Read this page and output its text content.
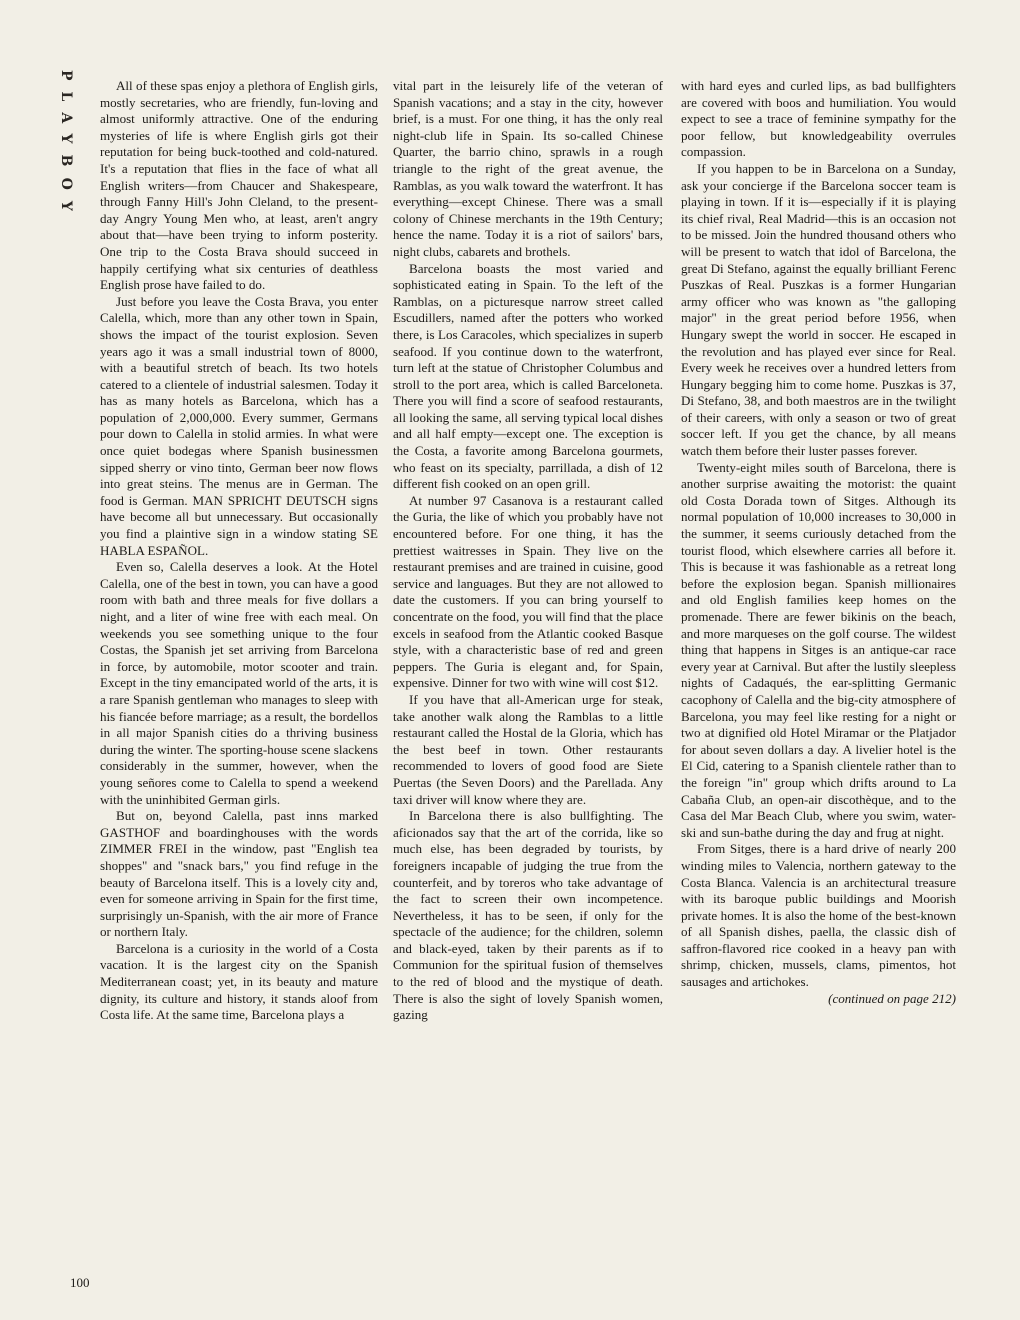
PLAYBOY	All of these spas enjoy a plethora of English girls, mostly secretaries, who are friendly, fun-loving and almost uniformly attractive. One of the enduring mysteries of life is where English girls got their reputation for being buck-toothed and cold-natured. It's a reputation that flies in the face of what all English writers—from Chaucer and Shakespeare, through Fanny Hill's John Cleland, to the present-day Angry Young Men who, at least, aren't angry about that—have been trying to inform posterity. One trip to the Costa Brava should succeed in happily certifying what six centuries of deathless English prose have failed to do.

Just before you leave the Costa Brava, you enter Calella, which, more than any other town in Spain, shows the impact of the tourist explosion. Seven years ago it was a small industrial town of 8000, with a beautiful stretch of beach. Its two hotels catered to a clientele of industrial salesmen. Today it has as many hotels as Barcelona, which has a population of 2,000,000. Every summer, Germans pour down to Calella in stolid armies. In what were once quiet bodegas where Spanish businessmen sipped sherry or vino tinto, German beer now flows into great steins. The menus are in German. The food is German. MAN SPRICHT DEUTSCH signs have become all but unnecessary. But occasionally you find a plaintive sign in a window stating SE HABLA ESPAÑOL.

Even so, Calella deserves a look. At the Hotel Calella, one of the best in town, you can have a good room with bath and three meals for five dollars a night, and a liter of wine free with each meal. On weekends you see something unique to the four Costas, the Spanish jet set arriving from Barcelona in force, by automobile, motor scooter and train. Except in the tiny emancipated world of the arts, it is a rare Spanish gentleman who manages to sleep with his fiancée before marriage; as a result, the bordellos in all major Spanish cities do a thriving business during the winter. The sporting-house scene slackens considerably in the summer, however, when the young señores come to Calella to spend a weekend with the uninhibited German girls.

But on, beyond Calella, past inns marked GASTHOF and boardinghouses with the words ZIMMER FREI in the window, past "English tea shoppes" and "snack bars," you find refuge in the beauty of Barcelona itself. This is a lovely city and, even for someone arriving in Spain for the first time, surprisingly un-Spanish, with the air more of France or northern Italy.

Barcelona is a curiosity in the world of a Costa vacation. It is the largest city on the Spanish Mediterranean coast; yet, in its beauty and mature dignity, its culture and history, it stands aloof from Costa life. At the same time, Barcelona plays a

vital part in the leisurely life of the veteran of Spanish vacations; and a stay in the city, however brief, is a must. For one thing, it has the only real night-club life in Spain. Its so-called Chinese Quarter, the barrio chino, sprawls in a rough triangle to the right of the great avenue, the Ramblas, as you walk toward the waterfront. It has everything—except Chinese. There was a small colony of Chinese merchants in the 19th Century; hence the name. Today it is a riot of sailors' bars, night clubs, cabarets and brothels.

Barcelona boasts the most varied and sophisticated eating in Spain. To the left of the Ramblas, on a picturesque narrow street called Escudillers, named after the potters who worked there, is Los Caracoles, which specializes in superb seafood. If you continue down to the waterfront, turn left at the statue of Christopher Columbus and stroll to the port area, which is called Barceloneta. There you will find a score of seafood restaurants, all looking the same, all serving typical local dishes and all half empty—except one. The exception is the Costa, a favorite among Barcelona gourmets, who feast on its specialty, parrillada, a dish of 12 different fish cooked on an open grill.

At number 97 Casanova is a restaurant called the Guria, the like of which you probably have not encountered before. For one thing, it has the prettiest waitresses in Spain. They live on the restaurant premises and are trained in cuisine, good service and languages. But they are not allowed to date the customers. If you can bring yourself to concentrate on the food, you will find that the place excels in seafood from the Atlantic cooked Basque style, with a characteristic base of red and green peppers. The Guria is elegant and, for Spain, expensive. Dinner for two with wine will cost $12.

If you have that all-American urge for steak, take another walk along the Ramblas to a little restaurant called the Hostal de la Gloria, which has the best beef in town. Other restaurants recommended to lovers of good food are Siete Puertas (the Seven Doors) and the Parellada. Any taxi driver will know where they are.

In Barcelona there is also bullfighting. The aficionados say that the art of the corrida, like so much else, has been degraded by tourists, by foreigners incapable of judging the true from the counterfeit, and by toreros who take advantage of the fact to screen their own incompetence. Nevertheless, it has to be seen, if only for the spectacle of the audience; for the children, solemn and black-eyed, taken by their parents as if to Communion for the spiritual fusion of themselves to the red of blood and the mystique of death. There is also the sight of lovely Spanish women, gazing

with hard eyes and curled lips, as bad bullfighters are covered with boos and humiliation. You would expect to see a trace of feminine sympathy for the poor fellow, but knowledgeability overrules compassion.

If you happen to be in Barcelona on a Sunday, ask your concierge if the Barcelona soccer team is playing in town. If it is—especially if it is playing its chief rival, Real Madrid—this is an occasion not to be missed. Join the hundred thousand others who will be present to watch that idol of Barcelona, the great Di Stefano, against the equally brilliant Ferenc Puszkas of Real. Puszkas is a former Hungarian army officer who was known as "the galloping major" in the great period before 1956, when Hungary swept the world in soccer. He escaped in the revolution and has played ever since for Real. Every week he receives over a hundred letters from Hungary begging him to come home. Puszkas is 37, Di Stefano, 38, and both maestros are in the twilight of their careers, with only a season or two of great soccer left. If you get the chance, by all means watch them before their luster passes forever.

Twenty-eight miles south of Barcelona, there is another surprise awaiting the motorist: the quaint old Costa Dorada town of Sitges. Although its normal population of 10,000 increases to 30,000 in the summer, it seems curiously detached from the tourist flood, which elsewhere carries all before it. This is because it was fashionable as a retreat long before the explosion began. Spanish millionaires and old English families keep homes on the promenade. There are fewer bikinis on the beach, and more marqueses on the golf course. The wildest thing that happens in Sitges is an antique-car race every year at Carnival. But after the lustily sleepless nights of Cadaqués, the ear-splitting Germanic cacophony of Calella and the big-city atmosphere of Barcelona, you may feel like resting for a night or two at dignified old Hotel Miramar or the Platjador for about seven dollars a day. A livelier hotel is the El Cid, catering to a Spanish clientele rather than to the foreign "in" group which drifts around to La Cabaña Club, an open-air discothèque, and to the Casa del Mar Beach Club, where you swim, water-ski and sun-bathe during the day and frug at night.

From Sitges, there is a hard drive of nearly 200 winding miles to Valencia, northern gateway to the Costa Blanca. Valencia is an architectural treasure with its baroque public buildings and Moorish private homes. It is also the home of the best-known of all Spanish dishes, paella, the classic dish of saffron-flavored rice cooked in a heavy pan with shrimp, chicken, mussels, clams, pimentos, hot sausages and artichokes.

(continued on page 212)

100
